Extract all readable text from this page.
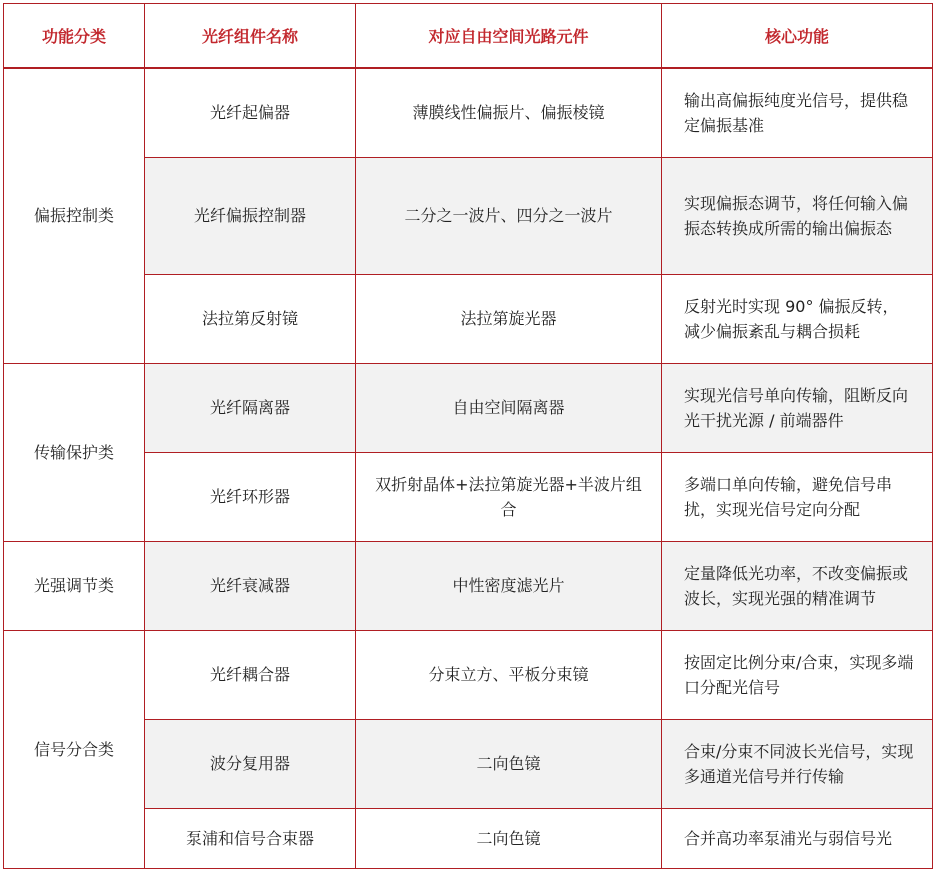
功能分类	光纤组件名称	对应自由空间光路元件	核心功能
偏振控制类	光纤起偏器	薄膜线性偏振片、偏振棱镜	输出高偏振纯度光信号，提供稳定偏振基准
	光纤偏振控制器	二分之一波片、四分之一波片	实现偏振态调节，将任何输入偏振态转换成所需的输出偏振态
	法拉第反射镜	法拉第旋光器	反射光时实现 90° 偏振反转，减少偏振紊乱与耦合损耗
传输保护类	光纤隔离器	自由空间隔离器	实现光信号单向传输，阻断反向光干扰光源 / 前端器件
	光纤环形器	双折射晶体+法拉第旋光器+半波片组合	多端口单向传输，避免信号串扰，实现光信号定向分配
光强调节类	光纤衰减器	中性密度滤光片	定量降低光功率，不改变偏振或波长，实现光强的精准调节
信号分合类	光纤耦合器	分束立方、平板分束镜	按固定比例分束/合束，实现多端口分配光信号
	波分复用器	二向色镜	合束/分束不同波长光信号，实现多通道光信号并行传输
	泵浦和信号合束器	二向色镜	合并高功率泵浦光与弱信号光
